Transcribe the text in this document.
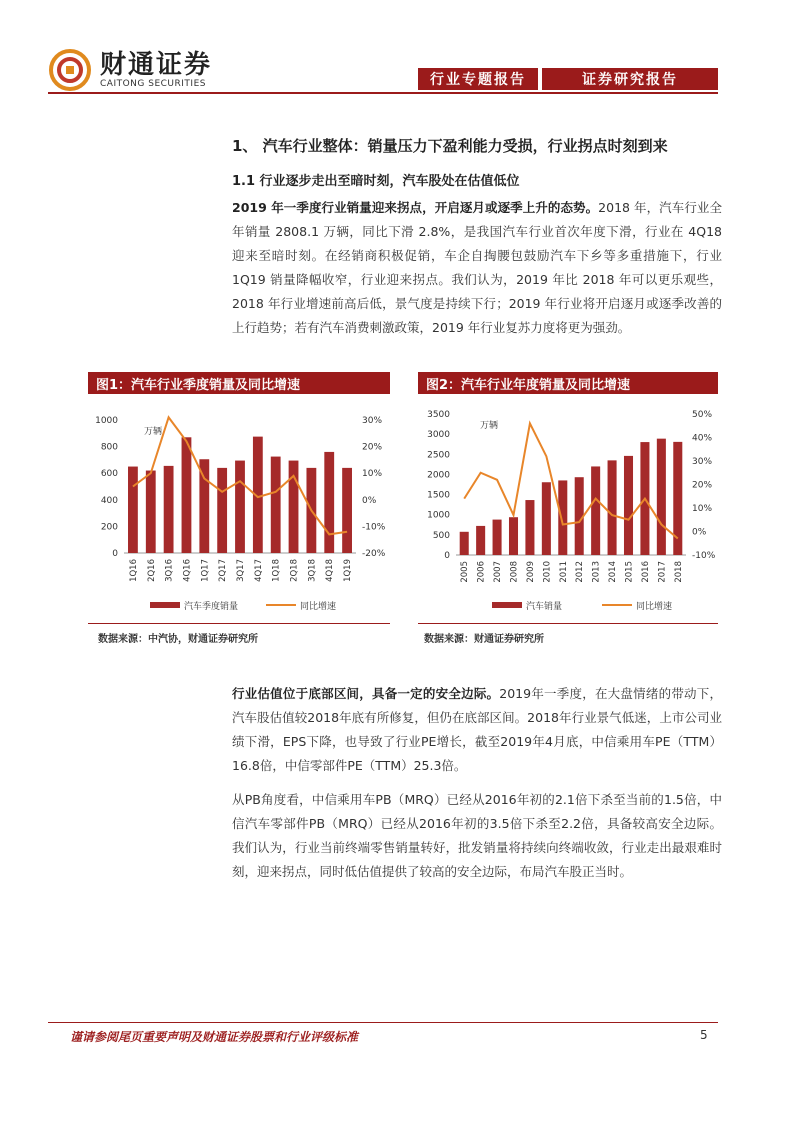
财通证券
CAITONG SECURITIES	行业专题报告	证券研究报告
1、 汽车行业整体：销量压力下盈利能力受损，行业拐点时刻到来
1.1 行业逐步走出至暗时刻，汽车股处在估值低位
2019 年一季度行业销量迎来拐点，开启逐月或逐季上升的态势。2018 年，汽车行业全年销量 2808.1 万辆，同比下滑 2.8%，是我国汽车行业首次年度下滑，行业在 4Q18 迎来至暗时刻。在经销商积极促销，车企自掏腰包鼓励汽车下乡等多重措施下，行业 1Q19 销量降幅收窄，行业迎来拐点。我们认为，2019 年比 2018 年可以更乐观些，2018 年行业增速前高后低，景气度是持续下行；2019 年行业将开启逐月或逐季改善的上行趋势；若有汽车消费刺激政策，2019 年行业复苏力度将更为强劲。
图1：汽车行业季度销量及同比增速
0
200
400
600
800
1000
-20%
-10%
0%
10%
20%
30%
1Q16 2Q16 3Q16 4Q16 1Q17 2Q17 3Q17 4Q17 1Q18 2Q18 3Q18 4Q18 1Q19
万辆
汽车季度销量	同比增速
数据来源：中汽协，财通证券研究所
图2：汽车行业年度销量及同比增速
0
500
1000
1500
2000
2500
3000
3500
-10%
0%
10%
20%
30%
40%
50%
2005 2006 2007 2008 2009 2010 2011 2012 2013 2014 2015 2016 2017 2018
万辆
汽车销量	同比增速
数据来源：财通证券研究所
行业估值位于底部区间，具备一定的安全边际。2019年一季度，在大盘情绪的带动下，汽车股估值较2018年底有所修复，但仍在底部区间。2018年行业景气低迷，上市公司业绩下滑，EPS下降，也导致了行业PE增长，截至2019年4月底，中信乘用车PE（TTM）16.8倍，中信零部件PE（TTM）25.3倍。
从PB角度看，中信乘用车PB（MRQ）已经从2016年初的2.1倍下杀至当前的1.5倍，中信汽车零部件PB（MRQ）已经从2016年初的3.5倍下杀至2.2倍，具备较高安全边际。我们认为，行业当前终端零售销量转好，批发销量将持续向终端收敛，行业走出最艰难时刻，迎来拐点，同时低估值提供了较高的安全边际，布局汽车股正当时。
谨请参阅尾页重要声明及财通证券股票和行业评级标准	5
